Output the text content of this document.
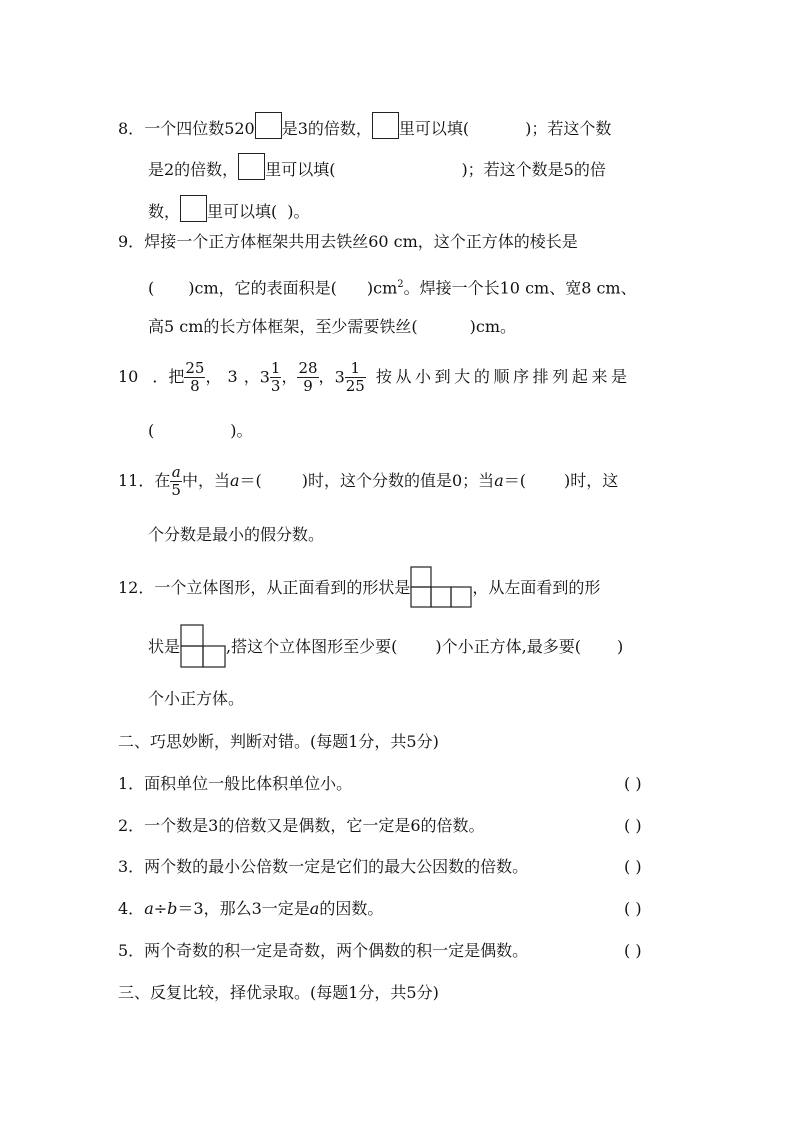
8．一个四位数520 是3的倍数， 里可以填(	)；若这个数
是2的倍数， 里可以填(	)；若这个数是5的倍
数， 里可以填( )。
9．焊接一个正方体框架共用去铁丝60 cm，这个正方体的棱长是
( )cm，它的表面积是( )$cm^2$。焊接一个长10 cm、宽8 cm、
高5 cm的长方体框架，至少需要铁丝(	)cm。
10 ．把 $\frac{25}{8}$ ， 3 ，$3 \frac{1}{3}$ ， $\frac{28}{9}$ ，$3 \frac{1}{25}$ 按从小到大的顺序排列起来是
(	)。
11．在 $\frac{a}{5}$ 中，当a＝(	)时，这个分数的值是0；当a＝( )时，这
个分数是最小的假分数。
12．一个立体图形，从正面看到的形状是	，从左面看到的形
状是	,搭这个立体图形至少要( )个小正方体,最多要( )
个小正方体。
二、巧思妙断，判断对错。(每题1分，共5分)
1．面积单位一般比体积单位小。	( )
2．一个数是3的倍数又是偶数，它一定是6的倍数。	( )
3．两个数的最小公倍数一定是它们的最大公因数的倍数。	( )
4．a÷b＝3，那么3一定是a的因数。	( )
5．两个奇数的积一定是奇数，两个偶数的积一定是偶数。	( )
三、反复比较，择优录取。(每题1分，共5分)
